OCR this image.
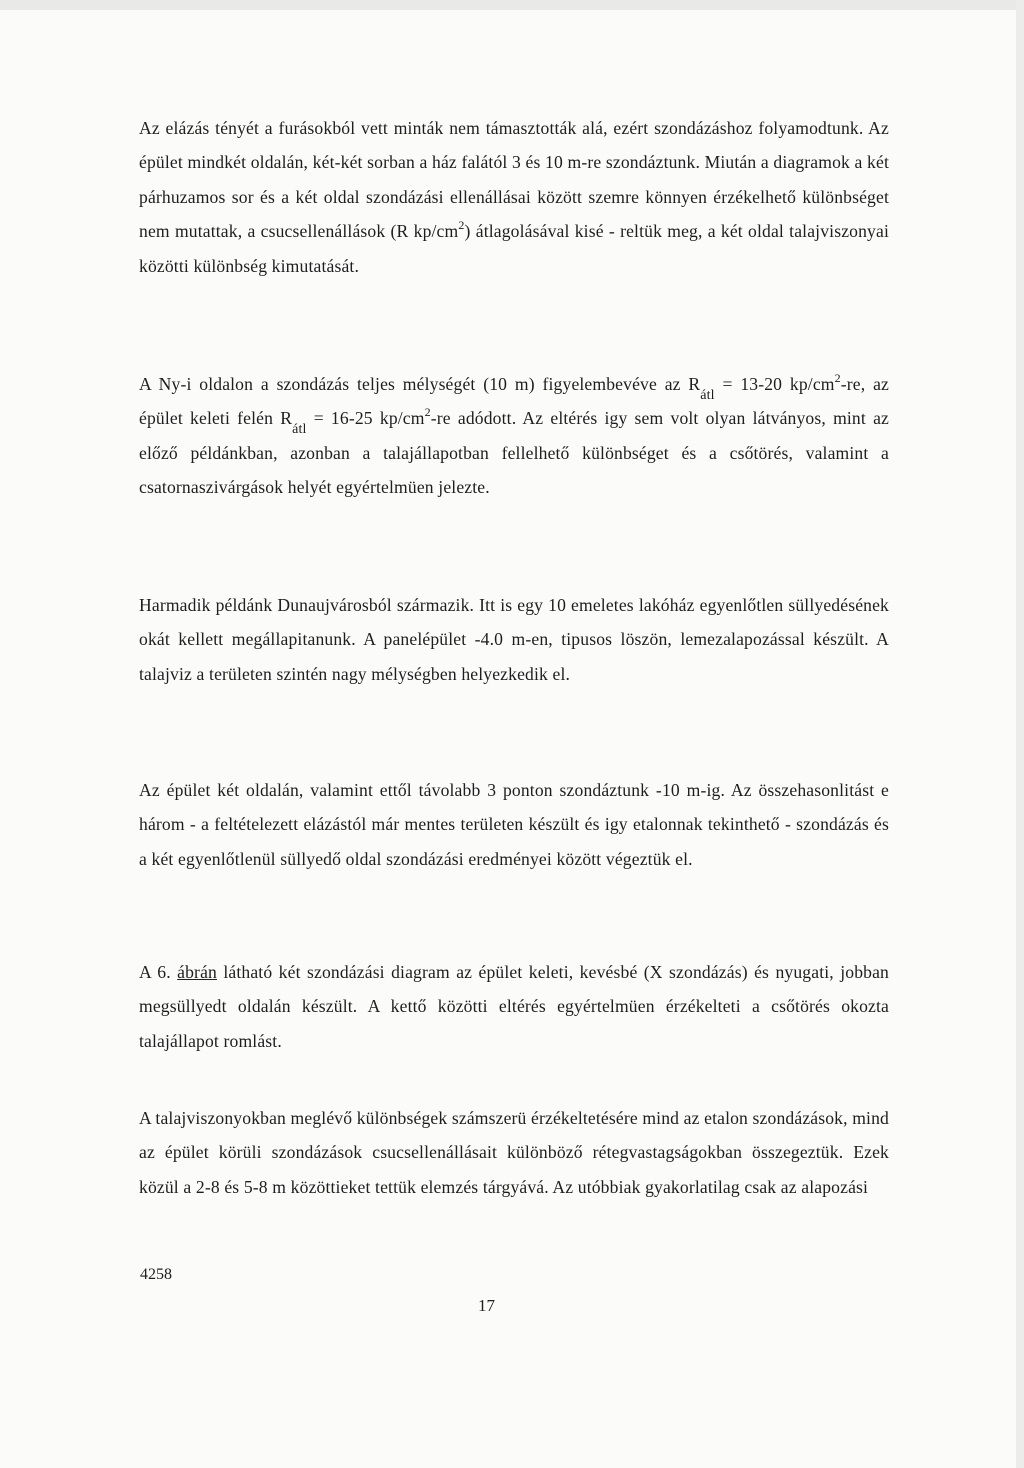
Az elázás tényét a furásokból vett minták nem támasztották alá, ezért szondázáshoz folyamodtunk. Az épület mindkét oldalán, két-két sorban a ház falától 3 és 10 m-re szondáztunk. Miután a diagramok a két párhuzamos sor és a két oldal szondázási ellenállásai között szemre könnyen érzékelhető különbséget nem mutattak, a csucsellenállások (R $kp/cm^2$) átlagolásával kisé - reltük meg, a két oldal talajviszonyai közötti különbség kimutatását.

A Ny-i oldalon a szondázás teljes mélységét (10 m) figyelembevéve az $R_{átl} = 13-20$ $kp/cm^2-re$, az épület keleti felén $R_{átl} = 16-25$ $kp/cm^2-re$ adódott. Az eltérés igy sem volt olyan látványos, mint az előző példánkban, azonban a talajállapotban fellelhető különbséget és a csőtörés, valamint a csatornaszivárgások helyét egyértelmüen jelezte.

Harmadik példánk Dunaujvárosból származik. Itt is egy 10 emeletes lakóház egyenlőtlen süllyedésének okát kellett megállapitanunk. A panelépület -4.0 m-en, tipusos löszön, lemezalapozással készült. A talajviz a területen szintén nagy mélységben helyezkedik el.

Az épület két oldalán, valamint ettől távolabb 3 ponton szondáztunk -10 m-ig. Az összehasonlitást e három - a feltételezett elázástól már mentes területen készült és igy etalonnak tekinthető - szondázás és a két egyenlőtlenül süllyedő oldal szondázási eredményei között végeztük el.

A 6. ábrán látható két szondázási diagram az épület keleti, kevésbé (X szondázás) és nyugati, jobban megsüllyedt oldalán készült. A kettő közötti eltérés egyértelmüen érzékelteti a csőtörés okozta talajállapot romlást.

A talajviszonyokban meglévő különbségek számszerü érzékeltetésére mind az etalon szondázások, mind az épület körüli szondázások csucsellenállásait különböző rétegvastagságokban összegeztük. Ezek közül a 2-8 és 5-8 m közöttieket tettük elemzés tárgyává. Az utóbbiak gyakorlatilag csak az alapozási

4258

17
